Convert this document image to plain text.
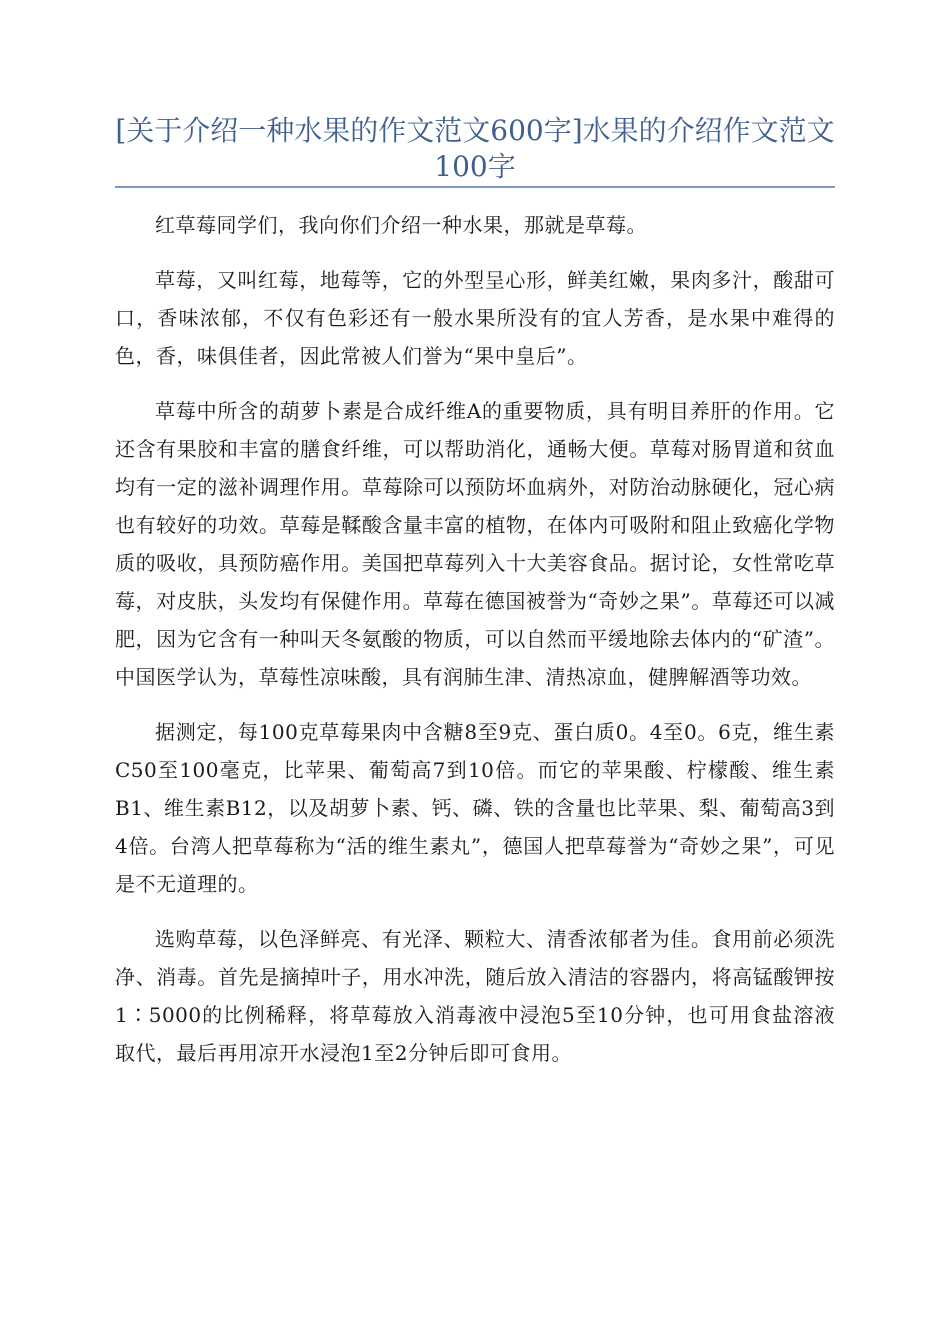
[关于介绍一种水果的作文范文600字]水果的介绍作文范文100字

红草莓同学们，我向你们介绍一种水果，那就是草莓。

草莓，又叫红莓，地莓等，它的外型呈心形，鲜美红嫩，果肉多汁，酸甜可口，香味浓郁，不仅有色彩还有一般水果所没有的宜人芳香，是水果中难得的色，香，味俱佳者，因此常被人们誉为“果中皇后”。

草莓中所含的葫萝卜素是合成纤维A的重要物质，具有明目养肝的作用。它还含有果胶和丰富的膳食纤维，可以帮助消化，通畅大便。草莓对肠胃道和贫血均有一定的滋补调理作用。草莓除可以预防坏血病外，对防治动脉硬化，冠心病也有较好的功效。草莓是鞣酸含量丰富的植物，在体内可吸附和阻止致癌化学物质的吸收，具预防癌作用。美国把草莓列入十大美容食品。据讨论，女性常吃草莓，对皮肤，头发均有保健作用。草莓在德国被誉为“奇妙之果”。草莓还可以减肥，因为它含有一种叫天冬氨酸的物质，可以自然而平缓地除去体内的“矿渣”。中国医学认为，草莓性凉味酸，具有润肺生津、清热凉血，健脾解酒等功效。

据测定，每100克草莓果肉中含糖8至9克、蛋白质0。4至0。6克，维生素C50至100毫克，比苹果、葡萄高7到10倍。而它的苹果酸、柠檬酸、维生素B1、维生素B12，以及胡萝卜素、钙、磷、铁的含量也比苹果、梨、葡萄高3到4倍。台湾人把草莓称为“活的维生素丸”，德国人把草莓誉为“奇妙之果”，可见是不无道理的。

选购草莓，以色泽鲜亮、有光泽、颗粒大、清香浓郁者为佳。食用前必须洗净、消毒。首先是摘掉叶子，用水冲洗，随后放入清洁的容器内，将高锰酸钾按1∶5000的比例稀释，将草莓放入消毒液中浸泡5至10分钟，也可用食盐溶液取代，最后再用凉开水浸泡1至2分钟后即可食用。
